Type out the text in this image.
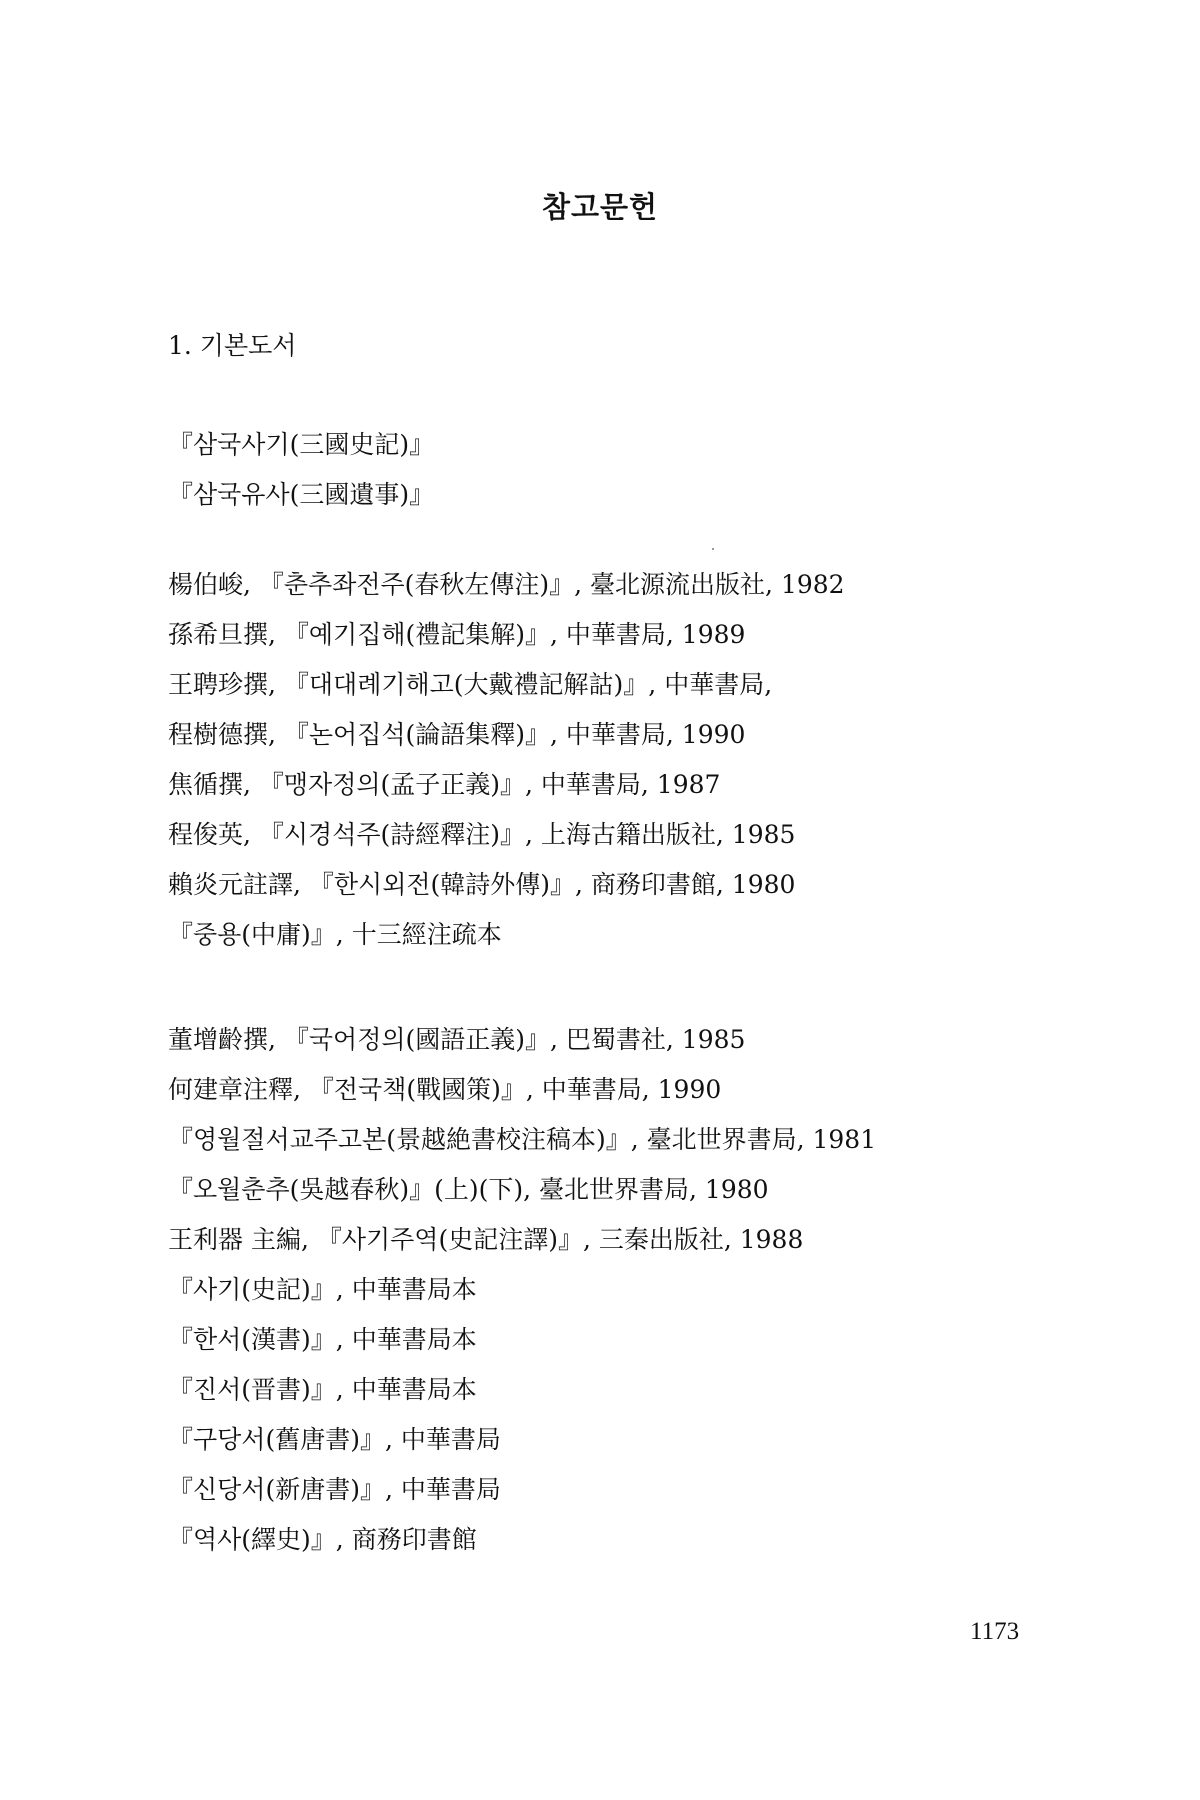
참고문헌
1. 기본도서
『삼국사기(三國史記)』
『삼국유사(三國遺事)』
楊伯峻, 『춘추좌전주(春秋左傳注)』, 臺北源流出版社, 1982
孫希旦撰, 『예기집해(禮記集解)』, 中華書局, 1989
王聘珍撰, 『대대례기해고(大戴禮記解詁)』, 中華書局,
程樹德撰, 『논어집석(論語集釋)』, 中華書局, 1990
焦循撰, 『맹자정의(孟子正義)』, 中華書局, 1987
程俊英, 『시경석주(詩經釋注)』, 上海古籍出版社, 1985
賴炎元註譯, 『한시외전(韓詩外傳)』, 商務印書館, 1980
『중용(中庸)』, 十三經注疏本
董增齡撰, 『국어정의(國語正義)』, 巴蜀書社, 1985
何建章注釋, 『전국책(戰國策)』, 中華書局, 1990
『영월절서교주고본(景越絶書校注稿本)』, 臺北世界書局, 1981
『오월춘추(吳越春秋)』(上)(下), 臺北世界書局, 1980
王利器 主編, 『사기주역(史記注譯)』, 三秦出版社, 1988
『사기(史記)』, 中華書局本
『한서(漢書)』, 中華書局本
『진서(晋書)』, 中華書局本
『구당서(舊唐書)』, 中華書局
『신당서(新唐書)』, 中華書局
『역사(繹史)』, 商務印書館
1173
